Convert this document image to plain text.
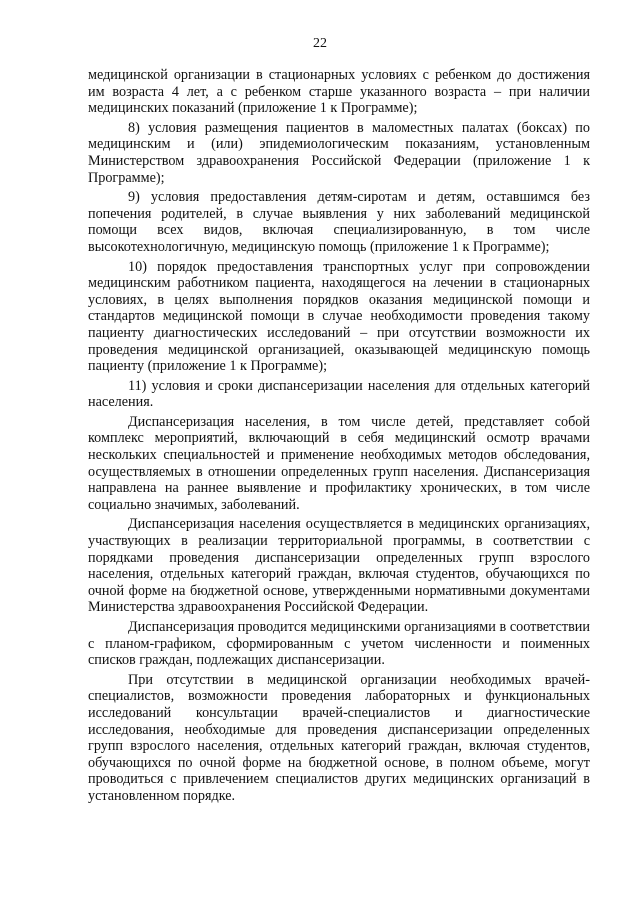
22

медицинской организации в стационарных условиях с ребенком до достижения им возраста 4 лет, а с ребенком старше указанного возраста – при наличии медицинских показаний (приложение 1 к Программе);

8) условия размещения пациентов в маломестных палатах (боксах) по медицинским и (или) эпидемиологическим показаниям, установленным Министерством здравоохранения Российской Федерации (приложение 1 к Программе);

9) условия предоставления детям-сиротам и детям, оставшимся без попечения родителей, в случае выявления у них заболеваний медицинской помощи всех видов, включая специализированную, в том числе высокотехнологичную, медицинскую помощь (приложение 1 к Программе);

10) порядок предоставления транспортных услуг при сопровождении медицинским работником пациента, находящегося на лечении в стационарных условиях, в целях выполнения порядков оказания медицинской помощи и стандартов медицинской помощи в случае необходимости проведения такому пациенту диагностических исследований – при отсутствии возможности их проведения медицинской организацией, оказывающей медицинскую помощь пациенту (приложение 1 к Программе);

11) условия и сроки диспансеризации населения для отдельных категорий населения.

Диспансеризация населения, в том числе детей, представляет собой комплекс мероприятий, включающий в себя медицинский осмотр врачами нескольких специальностей и применение необходимых методов обследования, осуществляемых в отношении определенных групп населения. Диспансеризация направлена на раннее выявление и профилактику хронических, в том числе социально значимых, заболеваний.

Диспансеризация населения осуществляется в медицинских организациях, участвующих в реализации территориальной программы, в соответствии с порядками проведения диспансеризации определенных групп взрослого населения, отдельных категорий граждан, включая студентов, обучающихся по очной форме на бюджетной основе, утвержденными нормативными документами Министерства здравоохранения Российской Федерации.

Диспансеризация проводится медицинскими организациями в соответствии с планом-графиком, сформированным с учетом численности и поименных списков граждан, подлежащих диспансеризации.

При отсутствии в медицинской организации необходимых врачей-специалистов, возможности проведения лабораторных и функциональных исследований консультации врачей-специалистов и диагностические исследования, необходимые для проведения диспансеризации определенных групп взрослого населения, отдельных категорий граждан, включая студентов, обучающихся по очной форме на бюджетной основе, в полном объеме, могут проводиться с привлечением специалистов других медицинских организаций в установленном порядке.
